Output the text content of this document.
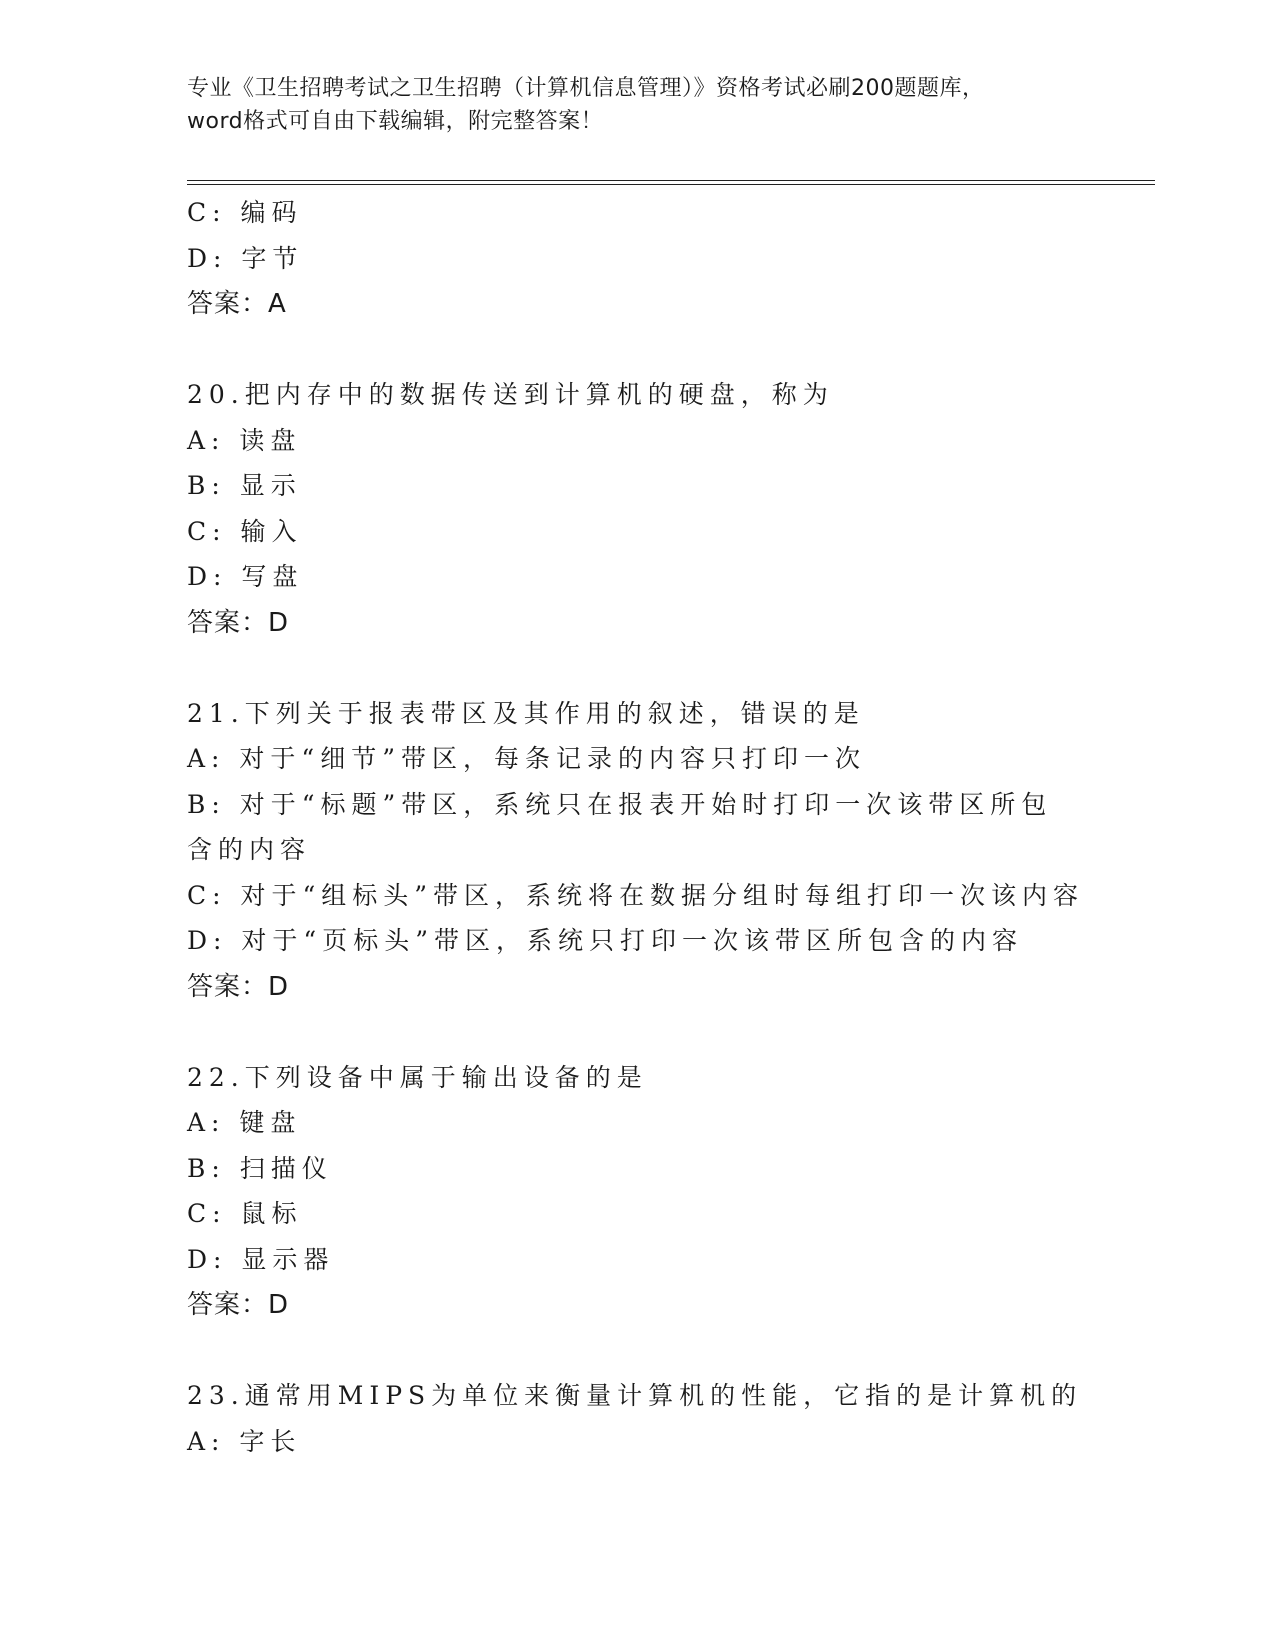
专业《卫生招聘考试之卫生招聘（计算机信息管理）》资格考试必刷200题题库，
word格式可自由下载编辑，附完整答案！
C: 编码
D: 字节
答案：A
20.把内存中的数据传送到计算机的硬盘，称为
A: 读盘
B: 显示
C: 输入
D: 写盘
答案：D
21.下列关于报表带区及其作用的叙述，错误的是
A: 对于“细节”带区，每条记录的内容只打印一次
B: 对于“标题”带区，系统只在报表开始时打印一次该带区所包含的内容
C: 对于“组标头”带区，系统将在数据分组时每组打印一次该内容
D: 对于“页标头”带区，系统只打印一次该带区所包含的内容
答案：D
22.下列设备中属于输出设备的是
A: 键盘
B: 扫描仪
C: 鼠标
D: 显示器
答案：D
23.通常用MIPS为单位来衡量计算机的性能，它指的是计算机的
A: 字长
